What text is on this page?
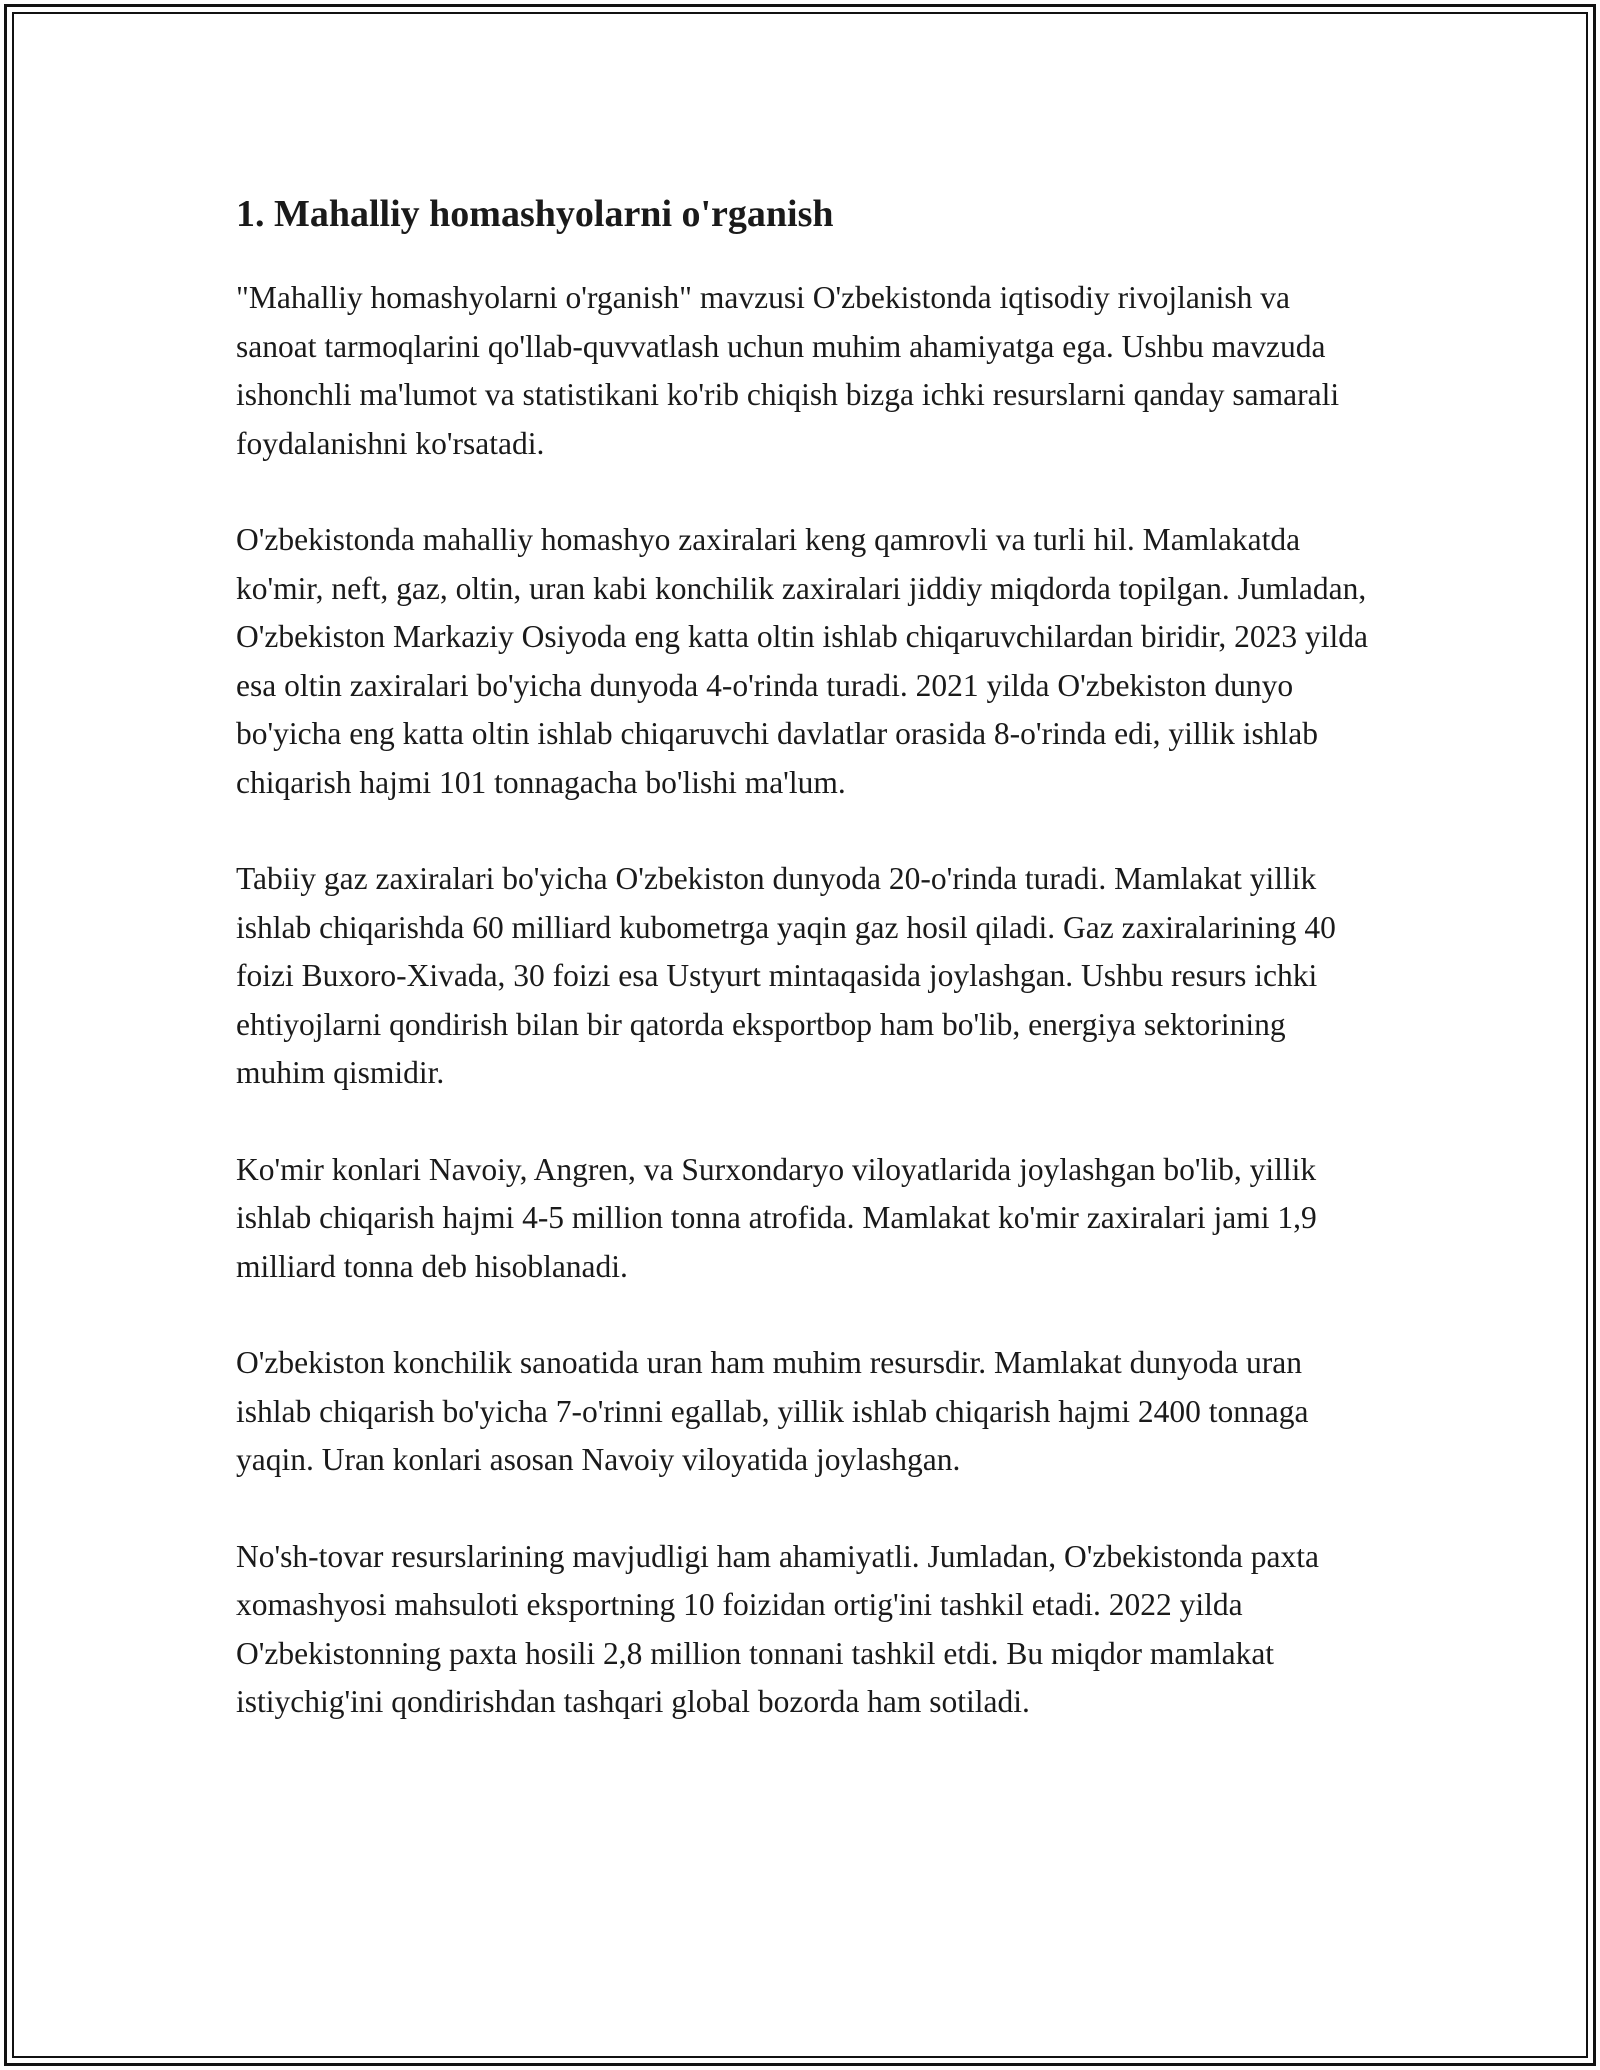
1. Mahalliy homashyolarni o'rganish

"Mahalliy homashyolarni o'rganish" mavzusi O'zbekistonda iqtisodiy rivojlanish va sanoat tarmoqlarini qo'llab-quvvatlash uchun muhim ahamiyatga ega. Ushbu mavzuda ishonchli ma'lumot va statistikani ko'rib chiqish bizga ichki resurslarni qanday samarali foydalanishni ko'rsatadi.

O'zbekistonda mahalliy homashyo zaxiralari keng qamrovli va turli hil. Mamlakatda ko'mir, neft, gaz, oltin, uran kabi konchilik zaxiralari jiddiy miqdorda topilgan. Jumladan, O'zbekiston Markaziy Osiyoda eng katta oltin ishlab chiqaruvchilardan biridir, 2023 yilda esa oltin zaxiralari bo'yicha dunyoda 4-o'rinda turadi. 2021 yilda O'zbekiston dunyo bo'yicha eng katta oltin ishlab chiqaruvchi davlatlar orasida 8-o'rinda edi, yillik ishlab chiqarish hajmi 101 tonnagacha bo'lishi ma'lum.

Tabiiy gaz zaxiralari bo'yicha O'zbekiston dunyoda 20-o'rinda turadi. Mamlakat yillik ishlab chiqarishda 60 milliard kubometrga yaqin gaz hosil qiladi. Gaz zaxiralarining 40 foizi Buxoro-Xivada, 30 foizi esa Ustyurt mintaqasida joylashgan. Ushbu resurs ichki ehtiyojlarni qondirish bilan bir qatorda eksportbop ham bo'lib, energiya sektorining muhim qismidir.

Ko'mir konlari Navoiy, Angren, va Surxondaryo viloyatlarida joylashgan bo'lib, yillik ishlab chiqarish hajmi 4-5 million tonna atrofida. Mamlakat ko'mir zaxiralari jami 1,9 milliard tonna deb hisoblanadi.

O'zbekiston konchilik sanoatida uran ham muhim resursdir. Mamlakat dunyoda uran ishlab chiqarish bo'yicha 7-o'rinni egallab, yillik ishlab chiqarish hajmi 2400 tonnaga yaqin. Uran konlari asosan Navoiy viloyatida joylashgan.

No'sh-tovar resurslarining mavjudligi ham ahamiyatli. Jumladan, O'zbekistonda paxta xomashyosi mahsuloti eksportning 10 foizidan ortig'ini tashkil etadi. 2022 yilda O'zbekistonning paxta hosili 2,8 million tonnani tashkil etdi. Bu miqdor mamlakat istiychig'ini qondirishdan tashqari global bozorda ham sotiladi.
